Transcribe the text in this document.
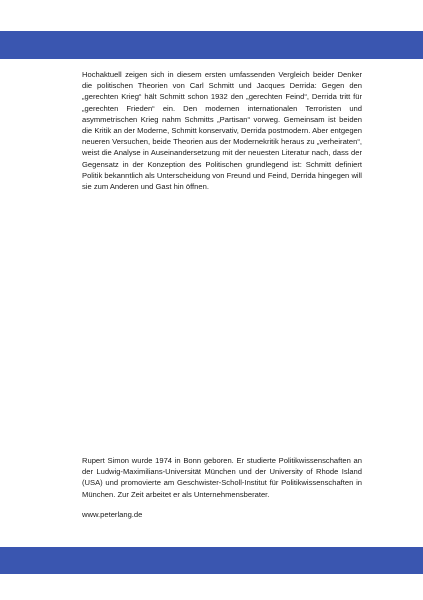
Hochaktuell zeigen sich in diesem ersten umfassenden Vergleich beider Denker die politischen Theorien von Carl Schmitt und Jacques Derrida: Gegen den „gerechten Krieg“ hält Schmitt schon 1932 den „gerechten Feind“, Derrida tritt für „gerechten Frieden“ ein. Den modernen internationalen Terroristen und asymmetrischen Krieg nahm Schmitts „Partisan“ vorweg. Gemeinsam ist beiden die Kritik an der Moderne, Schmitt konservativ, Derrida postmodern. Aber entgegen neueren Versuchen, beide Theorien aus der Modernekritik heraus zu „verheiraten“, weist die Analyse in Auseinandersetzung mit der neuesten Literatur nach, dass der Gegensatz in der Konzeption des Politischen grundlegend ist: Schmitt definiert Politik bekanntlich als Unterscheidung von Freund und Feind, Derrida hingegen will sie zum Anderen und Gast hin öffnen.

Rupert Simon wurde 1974 in Bonn geboren. Er studierte Politikwissenschaften an der Ludwig-Maximilians-Universität München und der University of Rhode Island (USA) und promovierte am Geschwister-Scholl-Institut für Politikwissenschaften in München. Zur Zeit arbeitet er als Unternehmensberater.

www.peterlang.de
